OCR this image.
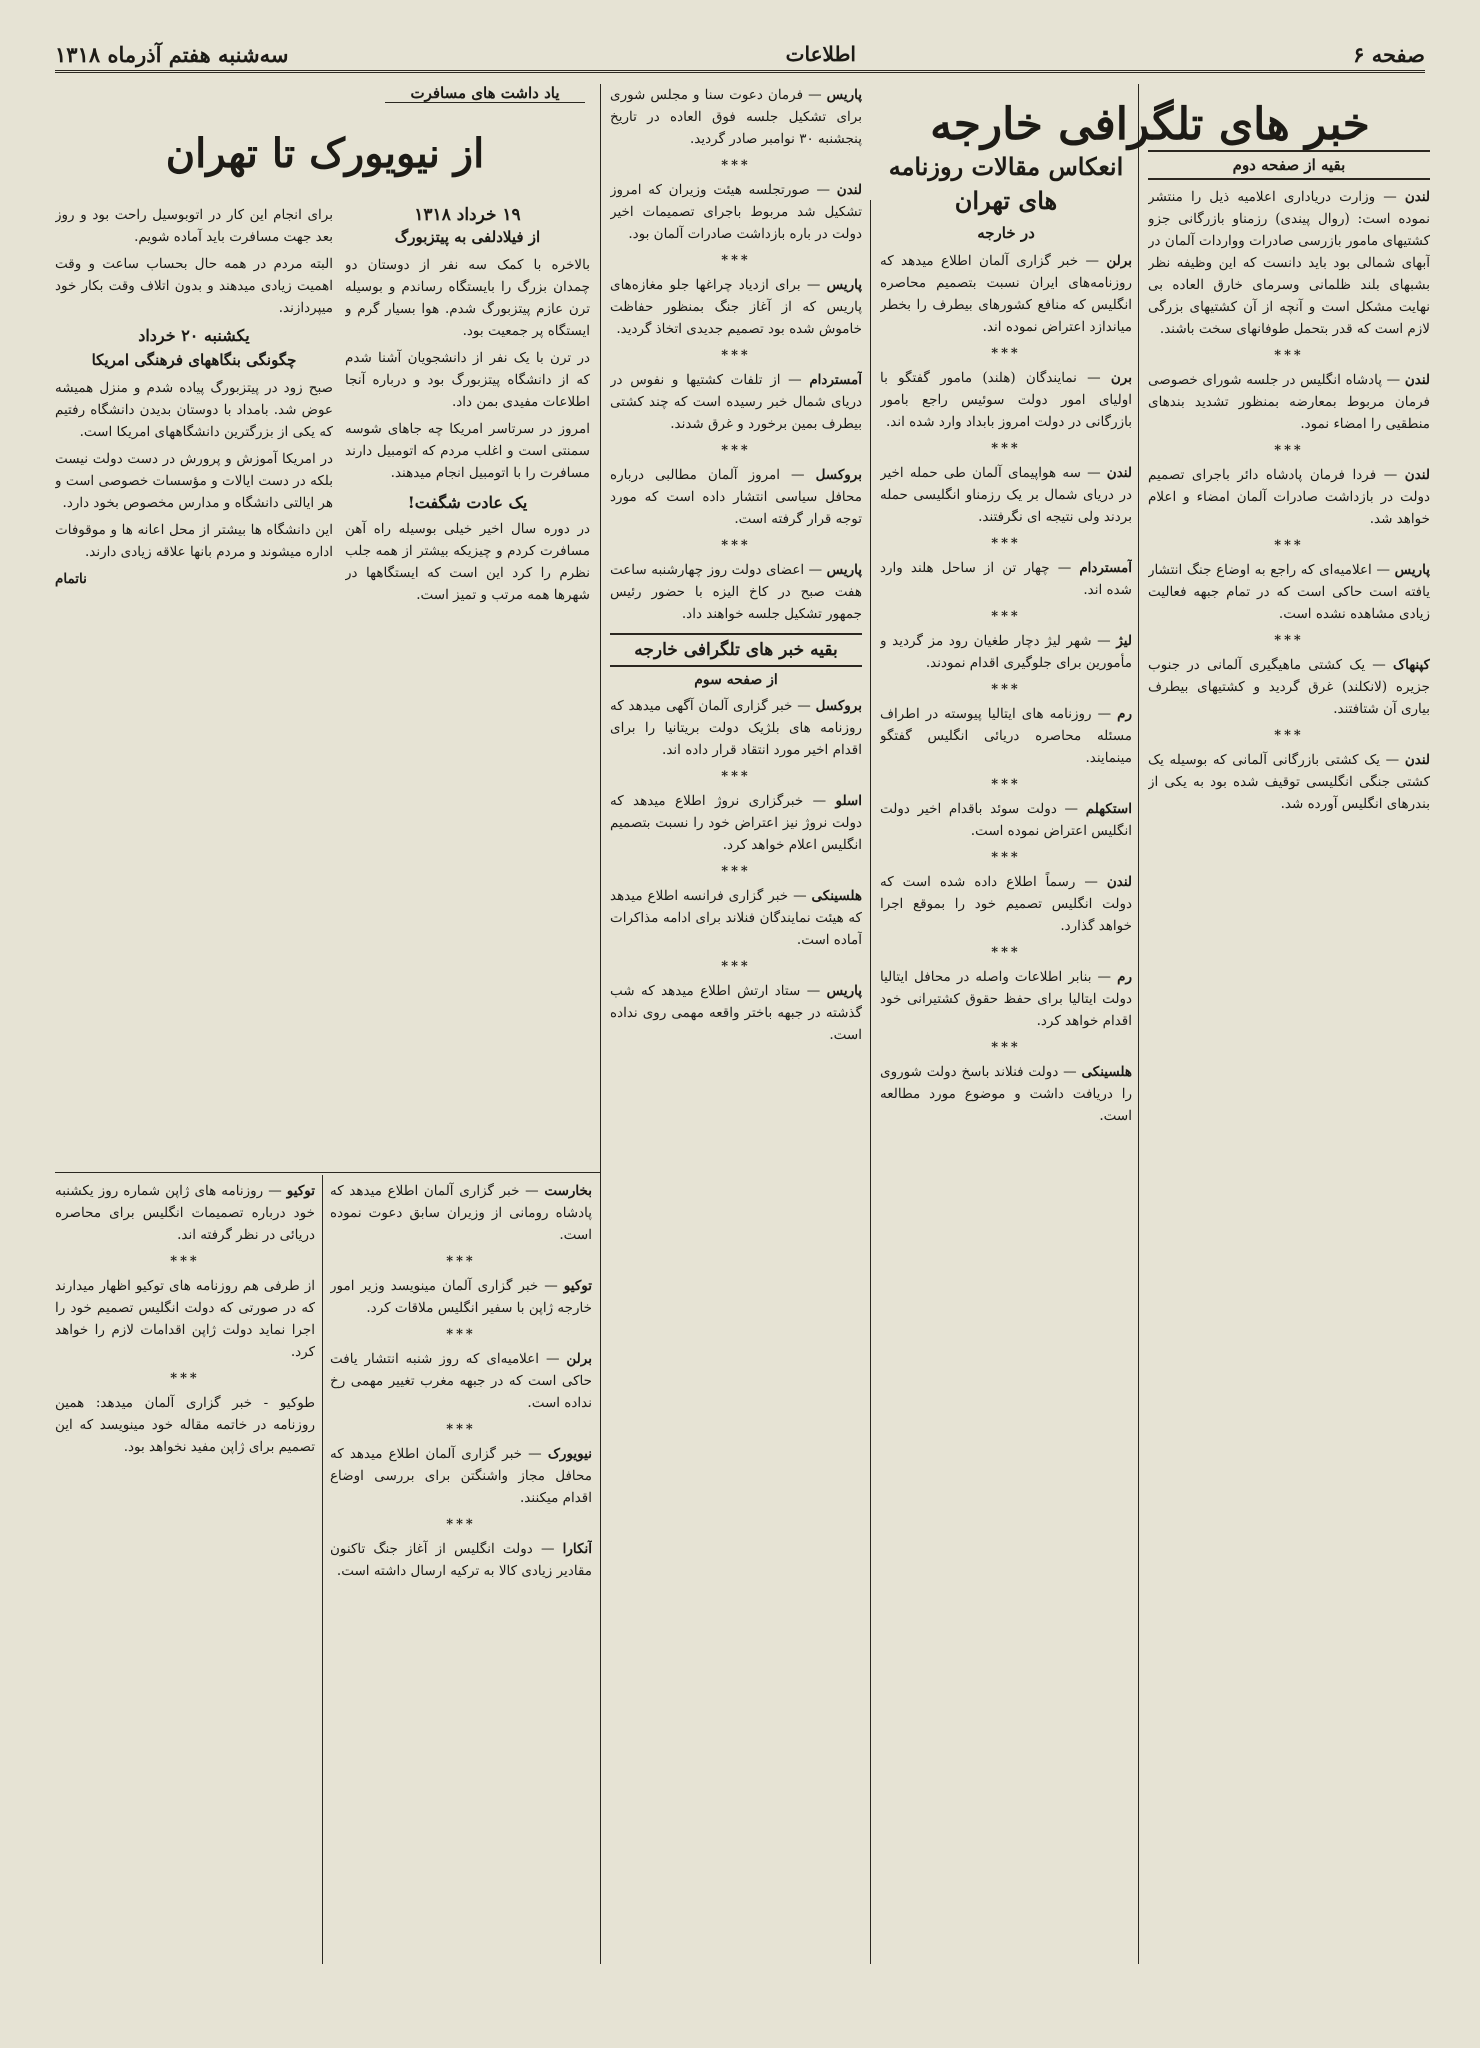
صفحه ۶
اطلاعات
سه‌شنبه هفتم آذرماه ۱۳۱۸
خبر های تلگرافی خارجه
بقیه از صفحه دوم

لندن — وزارت دریاداری اعلامیه ذیل را منتشر نموده است: (روال پیندی) رزمناو بازرگانی جزو کشتیهای مامور بازرسی صادرات وواردات آلمان در آبهای شمالی بود باید دانست که این وظیفه نظر بشبهای بلند ظلمانی وسرمای خارق العاده بی نهایت مشکل است و آنچه از آن کشتیهای بزرگی لازم است که قدر بتحمل طوفانهای سخت باشند.

***

لندن — پادشاه انگلیس در جلسه شورای خصوصی فرمان مربوط بمعارضه بمنظور تشدید بندهای منطقیی را امضاء نمود.

***

لندن — فردا فرمان پادشاه دائر باجرای تصمیم دولت در بازداشت صادرات آلمان امضاء و اعلام خواهد شد.

***

پاریس — اعلامیه‌ای که راجع به اوضاع جنگ انتشار یافته است حاکی است که در تمام جبهه فعالیت زیادی مشاهده نشده است.

***

کپنهاک — یک کشتی ماهیگیری آلمانی در جنوب جزیره (لانکلند) غرق گردید و کشتیهای بیطرف بیاری آن شتافتند.

***

لندن — یک کشتی بازرگانی آلمانی که بوسیله یک کشتی جنگی انگلیسی توقیف شده بود به یکی از بندرهای انگلیس آورده شد.

انعکاس مقالات روزنامه های تهران
در خارجه

برلن — خبر گزاری آلمان اطلاع میدهد که روزنامه‌های ایران نسبت بتصمیم محاصره انگلیس که منافع کشورهای بیطرف را بخطر میاندازد اعتراض نموده اند.

***

برن — نمایندگان (هلند) مامور گفتگو با اولیای امور دولت سوئیس راجع بامور بازرگانی در دولت امروز بابداد وارد شده اند.

***

لندن — سه هواپیمای آلمان طی حمله اخیر در دریای شمال بر یک رزمناو انگلیسی حمله بردند ولی نتیجه ای نگرفتند.

***

آمستردام — چهار تن از ساحل هلند وارد شده اند.

***

لیژ — شهر لیژ دچار طغیان رود مز گردید و مأمورین برای جلوگیری اقدام نمودند.

***

رم — روزنامه های ایتالیا پیوسته در اطراف مسئله محاصره دریائی انگلیس گفتگو مینمایند.

***

استکهلم — دولت سوئد باقدام اخیر دولت انگلیس اعتراض نموده است.

***

لندن — رسماً اطلاع داده شده است که دولت انگلیس تصمیم خود را بموقع اجرا خواهد گذارد.

***

رم — بنابر اطلاعات واصله در محافل ایتالیا دولت ایتالیا برای حفظ حقوق کشتیرانی خود اقدام خواهد کرد.

***

هلسینکی — دولت فنلاند باسخ دولت شوروی را دریافت داشت و موضوع مورد مطالعه است.

پاریس — فرمان دعوت سنا و مجلس شوری برای تشکیل جلسه فوق العاده در تاریخ پنجشنبه ۳۰ نوامبر صادر گردید.

***

لندن — صورتجلسه هیئت وزیران که امروز تشکیل شد مربوط باجرای تصمیمات اخیر دولت در باره بازداشت صادرات آلمان بود.

***

پاریس — برای ازدیاد چراغها جلو مغازه‌های پاریس که از آغاز جنگ بمنظور حفاظت خاموش شده بود تصمیم جدیدی اتخاذ گردید.

***

آمستردام — از تلفات کشتیها و نفوس در دریای شمال خبر رسیده است که چند کشتی بیطرف بمین برخورد و غرق شدند.

***

بروکسل — امروز آلمان مطالبی درباره محافل سیاسی انتشار داده است که مورد توجه قرار گرفته است.

***

پاریس — اعضای دولت روز چهارشنبه ساعت هفت صبح در کاخ الیزه با حضور رئیس جمهور تشکیل جلسه خواهند داد.

بقیه خبر های تلگرافی خارجه
از صفحه سوم

بروکسل — خبر گزاری آلمان آگهی میدهد که روزنامه های بلژیک دولت بریتانیا را برای اقدام اخیر مورد انتقاد قرار داده اند.

***

اسلو — خبرگزاری نروژ اطلاع میدهد که دولت نروژ نیز اعتراض خود را نسبت بتصمیم انگلیس اعلام خواهد کرد.

***

هلسینکی — خبر گزاری فرانسه اطلاع میدهد که هیئت نمایندگان فنلاند برای ادامه مذاکرات آماده است.

***

پاریس — ستاد ارتش اطلاع میدهد که شب گذشته در جبهه باختر واقعه مهمی روی نداده است.

یاد داشت های مسافرت
از نیویورک تا تهران
۱۹ خرداد ۱۳۱۸
از فیلادلفی به پیتزبورگ

بالاخره با کمک سه نفر از دوستان دو چمدان بزرگ را بایستگاه رساندم و بوسیله ترن عازم پیتزبورگ شدم. هوا بسیار گرم و ایستگاه پر جمعیت بود.

در ترن با یک نفر از دانشجویان آشنا شدم که از دانشگاه پیتزبورگ بود و درباره آنجا اطلاعات مفیدی بمن داد.

امروز در سرتاسر امریکا چه جاهای شوسه سمنتی است و اغلب مردم که اتومبیل دارند مسافرت را با اتومبیل انجام میدهند.

یک عادت شگفت!

در دوره سال اخیر خیلی بوسیله راه آهن مسافرت کردم و چیزیکه بیشتر از همه جلب نظرم را کرد این است که ایستگاهها در شهرها همه مرتب و تمیز است.

برای انجام این کار در اتوبوسیل راحت بود و روز بعد جهت مسافرت باید آماده شویم.

البته مردم در همه حال بحساب ساعت و وقت اهمیت زیادی میدهند و بدون اتلاف وقت بکار خود میپردازند.

یکشنبه ۲۰ خرداد
چگونگی بنگاههای فرهنگی امریکا

صبح زود در پیتزبورگ پیاده شدم و منزل همیشه عوض شد. بامداد با دوستان بدیدن دانشگاه رفتیم که یکی از بزرگترین دانشگاههای امریکا است.

در امریکا آموزش و پرورش در دست دولت نیست بلکه در دست ایالات و مؤسسات خصوصی است و هر ایالتی دانشگاه و مدارس مخصوص بخود دارد.

این دانشگاه ها بیشتر از محل اعانه ها و موقوفات اداره میشوند و مردم بانها علاقه زیادی دارند.

ناتمام

بخارست — خبر گزاری آلمان اطلاع میدهد که پادشاه رومانی از وزیران سابق دعوت نموده است.

***

توکیو — خبر گزاری آلمان مینویسد وزیر امور خارجه ژاپن با سفیر انگلیس ملاقات کرد.

***

برلن — اعلامیه‌ای که روز شنبه انتشار یافت حاکی است که در جبهه مغرب تغییر مهمی رخ نداده است.

***

نیویورک — خبر گزاری آلمان اطلاع میدهد که محافل مجاز واشنگتن برای بررسی اوضاع اقدام میکنند.

***

آنکارا — دولت انگلیس از آغاز جنگ تاکنون مقادیر زیادی کالا به ترکیه ارسال داشته است.

توکیو — روزنامه های ژاپن شماره روز یکشنبه خود درباره تصمیمات انگلیس برای محاصره دریائی در نظر گرفته اند.

***

از طرفی هم روزنامه های توکیو اظهار میدارند که در صورتی که دولت انگلیس تصمیم خود را اجرا نماید دولت ژاپن اقدامات لازم را خواهد کرد.

***

طوکیو - خبر گزاری آلمان میدهد: همین روزنامه در خاتمه مقاله خود مینویسد که این تصمیم برای ژاپن مفید نخواهد بود.
